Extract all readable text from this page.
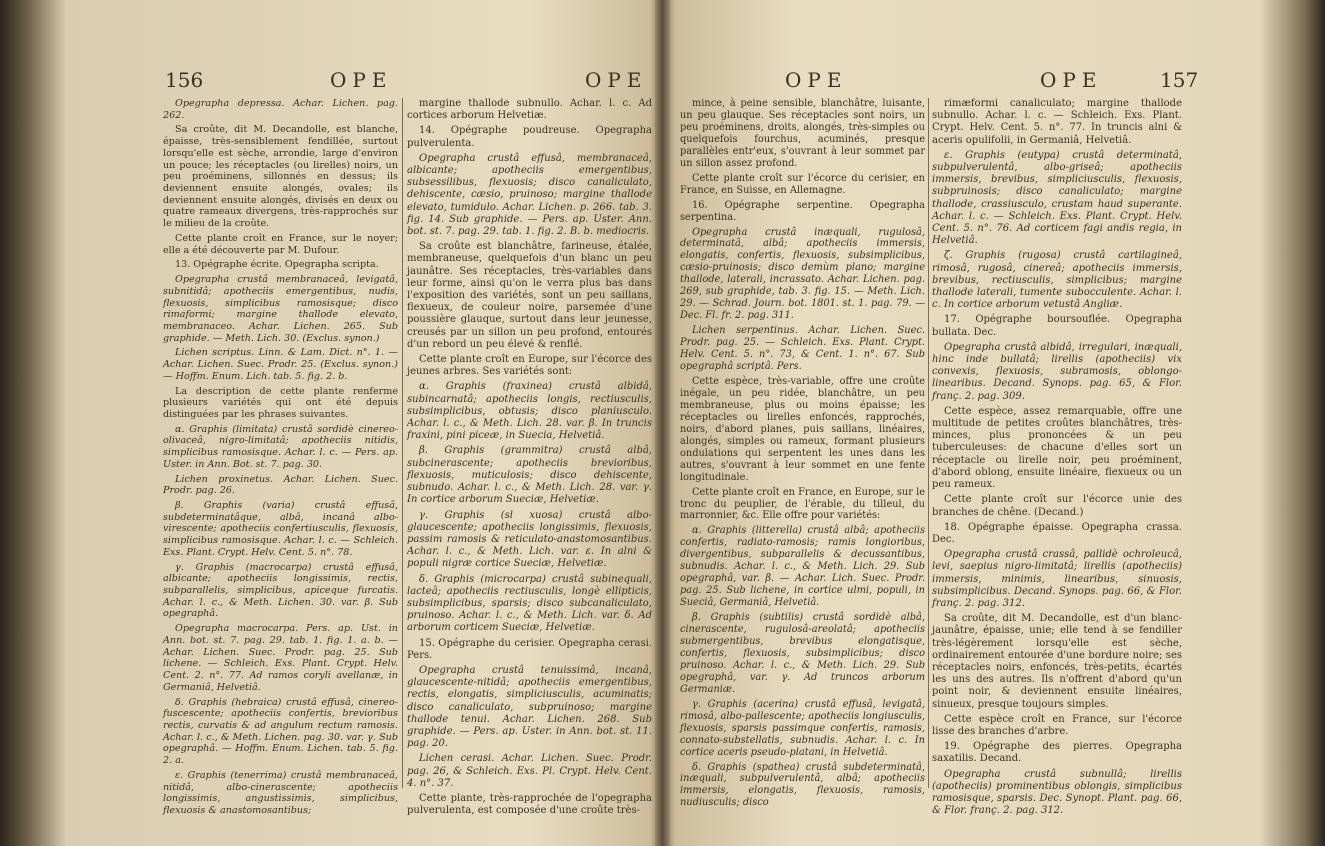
156	OPE	OPE

Opegrapha depressa. Achar. Lichen. pag. 262.

Sa croûte, dit M. Decandolle, est blanche, épaisse, très-sensiblement fendillée, surtout lorsqu'elle est sèche, arrondie, large d'environ un pouce; les réceptacles (ou lirelles) noirs, un peu proéminens, sillonnés en dessus; ils deviennent ensuite alongés, ovales; ils deviennent ensuite alongés, divisés en deux ou quatre rameaux divergens, très-rapprochés sur le milieu de la croûte.

Cette plante croît en France, sur le noyer; elle a été découverte par M. Dufour.

13. Opégraphe écrite. Opegrapha scripta.

Opegrapha crustâ membranaceâ, levigatâ, subnitidâ; apotheciis emergentibus, nudis, flexuosis, simplicibus ramosisque; disco rimaformi; margine thallode elevato, membranaceo. Achar. Lichen. 265. Sub graphide. — Meth. Lich. 30. (Exclus. synon.)

Lichen scriptus. Linn. & Lam. Dict. n°. 1. — Achar. Lichen. Suec. Prodr. 25. (Exclus. synon.) — Hoffm. Enum. Lich. tab. 5. fig. 2. b.

La description de cette plante renferme plusieurs variétés qui ont été depuis distinguées par les phrases suivantes.

α. Graphis (limitata) crustâ sordidè cinereo-olivaceâ, nigro-limitatâ; apotheciis nitidis, simplicibus ramosisque. Achar. l. c. — Pers. ap. Uster. in Ann. Bot. st. 7. pag. 30.

Lichen proxinetus. Achar. Lichen. Suec. Prodr. pag. 26.

β. Graphis (varia) crustâ effusâ, subdeterminatâque, albâ, incanâ albo-virescente; apotheciis confertiusculis, flexuosis, simplicibus ramosisque. Achar. l. c. — Schleich. Exs. Plant. Crypt. Helv. Cent. 5. n°. 78.

γ. Graphis (macrocarpa) crustâ effusâ, albicante; apotheciis longissimis, rectis, subparallelis, simplicibus, apiceque furcatis. Achar. l. c., & Meth. Lichen. 30. var. β. Sub opegraphâ.

Opegrapha macrocarpa. Pers. ap. Ust. in Ann. bot. st. 7. pag. 29. tab. 1. fig. 1. a. b. — Achar. Lichen. Suec. Prodr. pag. 25. Sub lichene. — Schleich. Exs. Plant. Crypt. Helv. Cent. 2. n°. 77. Ad ramos coryli avellanæ, in Germaniâ, Helvetiâ.

δ. Graphis (hebraica) crustâ effusâ, cinereo-fuscescente; apotheciis confertis, brevioribus rectis, curvatis & ad angulum rectum ramosis. Achar. l. c., & Meth. Lichen. pag. 30. var. γ. Sub opegraphâ. — Hoffm. Enum. Lichen. tab. 5. fig. 2. a.

ε. Graphis (tenerrima) crustâ membranaceâ, nitidâ, albo-cinerascente; apotheciis longissimis, angustissimis, simplicibus, flexuosis & anastomosantibus;

margine thallode subnullo. Achar. l. c. Ad cortices arborum Helvetiæ.

14. Opégraphe poudreuse. Opegrapha pulverulenta.

Opegrapha crustâ effusâ, membranaceâ, albicante; apotheciis emergentibus, subsessilibus, flexuosis; disco canaliculato, dehiscente, cæsio, pruinoso; margine thallode elevato, tumidulo. Achar. Lichen. p. 266. tab. 3. fig. 14. Sub graphide. — Pers. ap. Uster. Ann. bot. st. 7. pag. 29. tab. 1. fig. 2. B. b. mediocris.

Sa croûte est blanchâtre, farineuse, étalée, membraneuse, quelquefois d'un blanc un peu jaunâtre. Ses réceptacles, très-variables dans leur forme, ainsi qu'on le verra plus bas dans l'exposition des variétés, sont un peu saillans, flexueux, de couleur noire, parsemée d'une poussière glauque, surtout dans leur jeunesse, creusés par un sillon un peu profond, entourés d'un rebord un peu élevé & renflé.

Cette plante croît en Europe, sur l'écorce des jeunes arbres. Ses variétés sont:

α. Graphis (fraxinea) crustâ albidâ, subincarnatâ; apotheciis longis, rectiusculis, subsimplicibus, obtusis; disco planiusculo. Achar. l. c., & Meth. Lich. 28. var. β. In truncis fraxini, pini piceæ, in Suecia, Helvetiâ.

β. Graphis (grammitra) crustâ albâ, subcinerascente; apotheciis brevioribus, flexuosis, muticulosis; disco dehiscente, subnudo. Achar. l. c., & Meth. Lich. 28. var. γ. In cortice arborum Sueciæ, Helvetiæ.

γ. Graphis (sl xuosa) crustâ albo-glaucescente; apotheciis longissimis, flexuosis, passim ramosis & reticulato-anastomosantibus. Achar. l. c., & Meth. Lich. var. ε. In alni & populi nigræ cortice Sueciæ, Helvetiæ.

δ. Graphis (microcarpa) crustâ subinequali, lacteâ; apotheciis rectiusculis, longè ellipticis, subsimplicibus, sparsis; disco subcanaliculato, pruinoso. Achar. l. c., & Meth. Lich. var. δ. Ad arborum corticem Sueciæ, Helvetiæ.

15. Opégraphe du cerisier. Opegrapha cerasi. Pers.

Opegrapha crustâ tenuissimâ, incanâ, glaucescente-nitidâ; apotheciis emergentibus, rectis, elongatis, simpliciusculis, acuminatis; disco canaliculato, subpruinoso; margine thallode tenui. Achar. Lichen. 268. Sub graphide. — Pers. ap. Uster. in Ann. bot. st. 11. pag. 20.

Lichen cerasi. Achar. Lichen. Suec. Prodr. pag. 26, & Schleich. Exs. Pl. Crypt. Helv. Cent. 4. n°. 37.

Cette plante, très-rapprochée de l'opegrapha pulverulenta, est composée d'une croûte très-

OPE	OPE	157

mince, à peine sensible, blanchâtre, luisante, un peu glauque. Ses réceptacles sont noirs, un peu proéminens, droits, alongés, très-simples ou quelquefois fourchus, acuminés, presque parallèles entr'eux, s'ouvrant à leur sommet par un sillon assez profond.

Cette plante croît sur l'écorce du cerisier, en France, en Suisse, en Allemagne.

16. Opégraphe serpentine. Opegrapha serpentina.

Opegrapha crustâ inæquali, rugulosâ, determinatâ, albâ; apotheciis immersis, elongatis, confertis, flexuosis, subsimplicibus, cæsio-pruinosis; disco demùm plano; margine thallode, laterali, incrassato. Achar. Lichen. pag. 269, sub graphide, tab. 3. fig. 15. — Meth. Lich. 29. — Schrad. Journ. bot. 1801. st. 1. pag. 79. — Dec. Fl. fr. 2. pag. 311.

Lichen serpentinus. Achar. Lichen. Suec. Prodr. pag. 25. — Schleich. Exs. Plant. Crypt. Helv. Cent. 5. n°. 73, & Cent. 1. n°. 67. Sub opegraphâ scriptâ. Pers.

Cette espèce, très-variable, offre une croûte inégale, un peu ridée, blanchâtre, un peu membraneuse, plus ou moins épaisse; les réceptacles ou lirelles enfoncés, rapprochés, noirs, d'abord planes, puis saillans, linéaires, alongés, simples ou rameux, formant plusieurs ondulations qui serpentent les unes dans les autres, s'ouvrant à leur sommet en une fente longitudinale.

Cette plante croît en France, en Europe, sur le tronc du peuplier, de l'érable, du tilleul, du marronnier, &c. Elle offre pour variétés:

α. Graphis (litterella) crustâ albâ; apotheciis confertis, radiato-ramosis; ramis longioribus, divergentibus, subparallelis & decussantibus, subnudis. Achar. l. c., & Meth. Lich. 29. Sub opegraphâ, var. β. — Achar. Lich. Suec. Prodr. pag. 25. Sub lichene, in cortice ulmi, populi, in Sueciâ, Germaniâ, Helvetiâ.

β. Graphis (subtilis) crustâ sordidè albâ, cinerascente, rugulosâ-areolatâ; apotheciis submergentibus, brevibus elongatisque, confertis, flexuosis, subsimplicibus; disco pruinoso. Achar. l. c., & Meth. Lich. 29. Sub opegraphâ, var. γ. Ad truncos arborum Germaniæ.

γ. Graphis (acerina) crustâ effusâ, levigatâ, rimosâ, albo-pallescente; apotheciis longiusculis, flexuosis, sparsis passimque confertis, ramosis, connato-substellatis, subnudis. Achar. l. c. In cortice aceris pseudo-platani, in Helvetiâ.

δ. Graphis (spathea) crustâ subdeterminatâ, inæquali, subpulverulentâ, albâ; apotheciis immersis, elongatis, flexuosis, ramosis, nudiusculis; disco

rimæformi canaliculato; margine thallode subnullo. Achar. l. c. — Schleich. Exs. Plant. Crypt. Helv. Cent. 5. n°. 77. In truncis alni & aceris opulifolii, in Germaniâ, Helvetiâ.

ε. Graphis (eutypa) crustâ determinatâ, subpulverulentâ, albo-griseâ; apotheciis immersis, brevibus, simpliciusculis, flexuosis, subpruinosis; disco canaliculato; margine thallode, crassiusculo, crustam haud superante. Achar. l. c. — Schleich. Exs. Plant. Crypt. Helv. Cent. 5. n°. 76. Ad corticem fagi andis regia, in Helvetiâ.

ζ. Graphis (rugosa) crustâ cartilagineâ, rimosâ, rugosâ, cinereâ; apotheciis immersis, brevibus, rectiusculis, simplicibus; margine thallode laterali, tumente subocculente. Achar. l. c. In cortice arborum vetustâ Angliæ.

17. Opégraphe boursouflée. Opegrapha bullata. Dec.

Opegrapha crustâ albidâ, irregulari, inæquali, hinc inde bullatâ; lirellis (apotheciis) vix convexis, flexuosis, subramosis, oblongo-linearibus. Decand. Synops. pag. 65, & Flor. franç. 2. pag. 309.

Cette espèce, assez remarquable, offre une multitude de petites croûtes blanchâtres, très-minces, plus prononcées & un peu tuberculeuses: de chacune d'elles sort un réceptacle ou lirelle noir, peu proéminent, d'abord oblong, ensuite linéaire, flexueux ou un peu rameux.

Cette plante croît sur l'écorce unie des branches de chêne. (Decand.)

18. Opégraphe épaisse. Opegrapha crassa. Dec.

Opegrapha crustâ crassâ, pallidè ochroleucâ, levi, saepius nigro-limitatâ; lirellis (apotheciis) immersis, minimis, linearibus, sinuosis, subsimplicibus. Decand. Synops. pag. 66, & Flor. franç. 2. pag. 312.

Sa croûte, dit M. Decandolle, est d'un blanc-jaunâtre, épaisse, unie; elle tend à se fendiller très-légèrement lorsqu'elle est sèche, ordinairement entourée d'une bordure noire; ses réceptacles noirs, enfoncés, très-petits, écartés les uns des autres. Ils n'offrent d'abord qu'un point noir, & deviennent ensuite linéaires, sinueux, presque toujours simples.

Cette espèce croît en France, sur l'écorce lisse des branches d'arbre.

19. Opégraphe des pierres. Opegrapha saxatilis. Decand.

Opegrapha crustâ subnullâ; lirellis (apotheciis) prominentibus oblongis, simplicibus ramosisque, sparsis. Dec. Synopt. Plant. pag. 66, & Flor. franç. 2. pag. 312.
